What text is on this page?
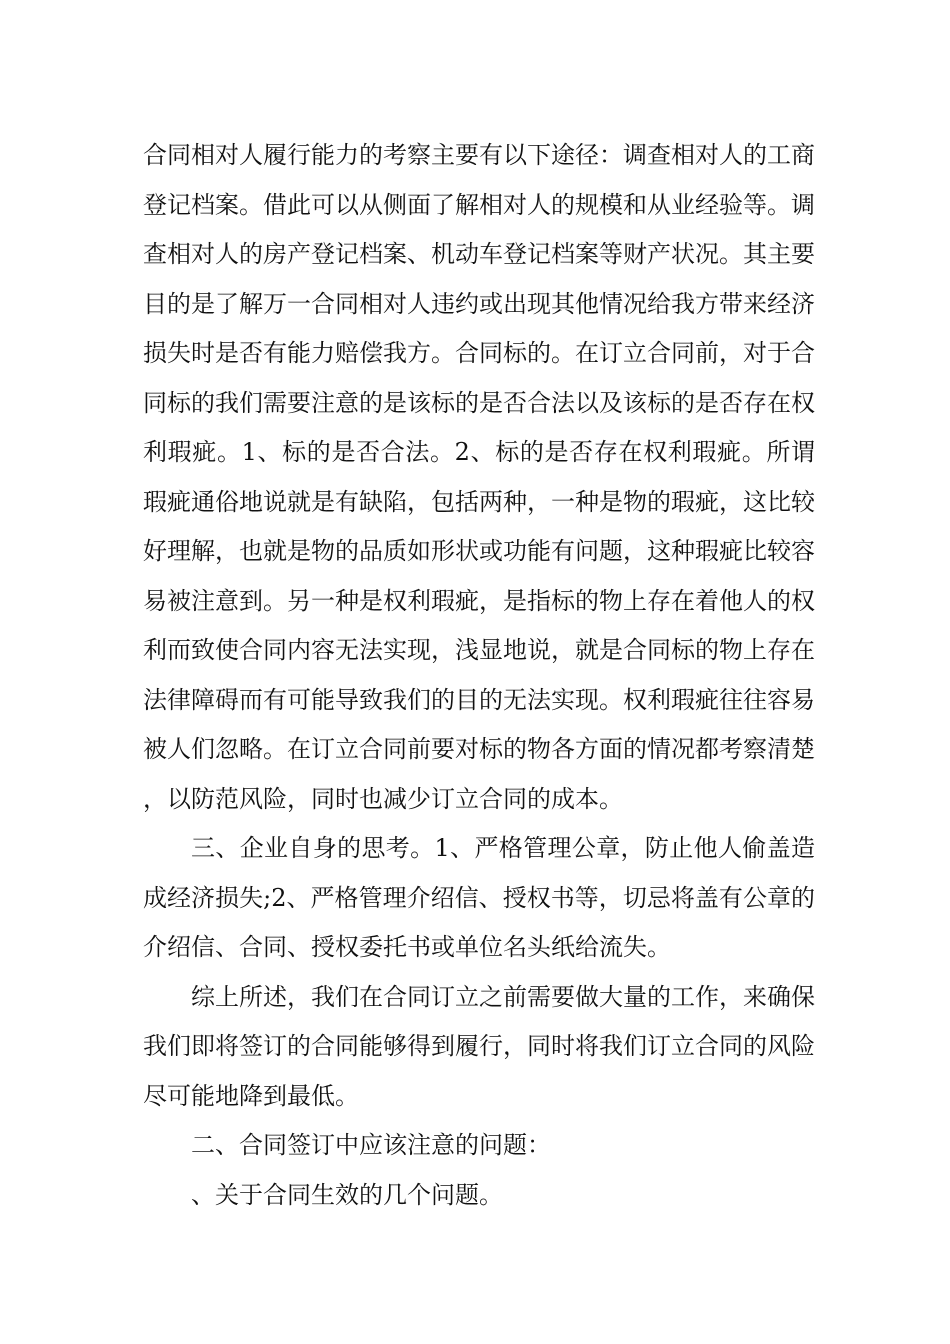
合同相对人履行能力的考察主要有以下途径：调查相对人的工商登记档案。借此可以从侧面了解相对人的规模和从业经验等。调查相对人的房产登记档案、机动车登记档案等财产状况。其主要目的是了解万一合同相对人违约或出现其他情况给我方带来经济损失时是否有能力赔偿我方。合同标的。在订立合同前，对于合同标的我们需要注意的是该标的是否合法以及该标的是否存在权利瑕疵。1、标的是否合法。2、标的是否存在权利瑕疵。所谓瑕疵通俗地说就是有缺陷，包括两种，一种是物的瑕疵，这比较好理解，也就是物的品质如形状或功能有问题，这种瑕疵比较容易被注意到。另一种是权利瑕疵，是指标的物上存在着他人的权利而致使合同内容无法实现，浅显地说，就是合同标的物上存在法律障碍而有可能导致我们的目的无法实现。权利瑕疵往往容易被人们忽略。在订立合同前要对标的物各方面的情况都考察清楚，以防范风险，同时也减少订立合同的成本。

三、企业自身的思考。1、严格管理公章，防止他人偷盖造成经济损失;2、严格管理介绍信、授权书等，切忌将盖有公章的介绍信、合同、授权委托书或单位名头纸给流失。

综上所述，我们在合同订立之前需要做大量的工作，来确保我们即将签订的合同能够得到履行，同时将我们订立合同的风险尽可能地降到最低。

二、合同签订中应该注意的问题：

、关于合同生效的几个问题。
